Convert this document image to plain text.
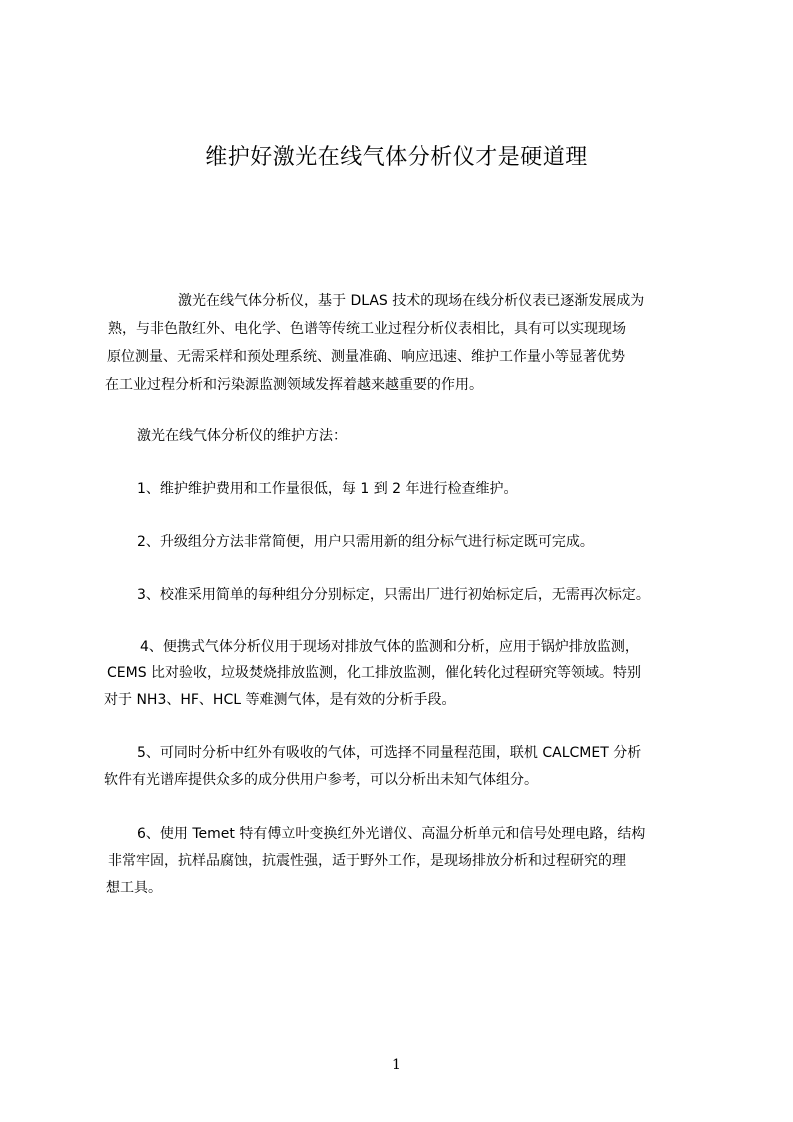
维护好激光在线气体分析仪才是硬道理
激光在线气体分析仪，基于 DLAS 技术的现场在线分析仪表已逐渐发展成为
熟，与非色散红外、电化学、色谱等传统工业过程分析仪表相比，具有可以实现现场
原位测量、无需采样和预处理系统、测量准确、响应迅速、维护工作量小等显著优势
在工业过程分析和污染源监测领域发挥着越来越重要的作用。
激光在线气体分析仪的维护方法：
1、维护维护费用和工作量很低，每 1 到 2 年进行检查维护。
2、升级组分方法非常简便，用户只需用新的组分标气进行标定既可完成。
3、校准采用简单的每种组分分别标定，只需出厂进行初始标定后，无需再次标定。
4、便携式气体分析仪用于现场对排放气体的监测和分析，应用于锅炉排放监测，
CEMS 比对验收，垃圾焚烧排放监测，化工排放监测，催化转化过程研究等领域。特别
对于 NH3、HF、HCL 等难测气体，是有效的分析手段。
5、可同时分析中红外有吸收的气体，可选择不同量程范围，联机 CALCMET 分析
软件有光谱库提供众多的成分供用户参考，可以分析出未知气体组分。
6、使用 Temet 特有傅立叶变换红外光谱仪、高温分析单元和信号处理电路，结构
非常牢固，抗样品腐蚀，抗震性强，适于野外工作，是现场排放分析和过程研究的理
想工具。
1
